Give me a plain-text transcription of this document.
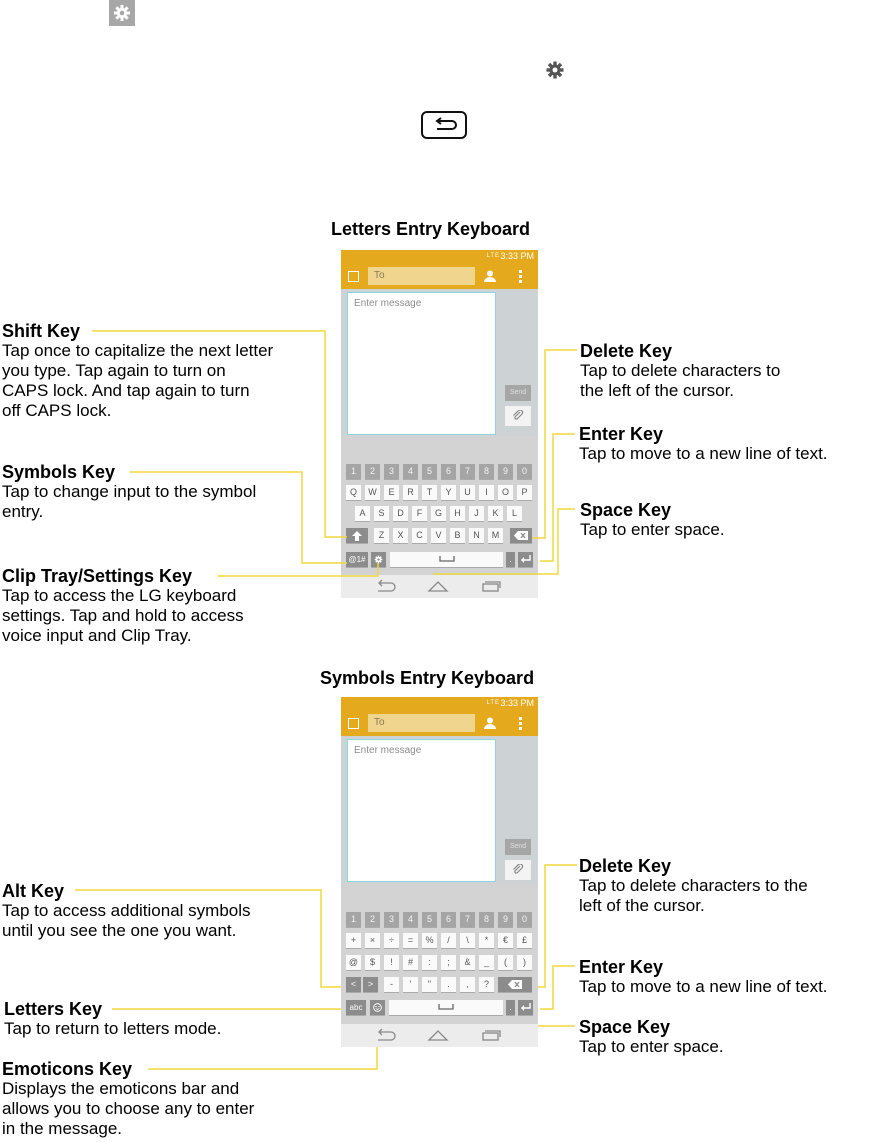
Letters Entry Keyboard
LTE 3:33 PM
To
Enter message
Send
1	2	3	4	5	6	7	8	9	0
Q	W	E	R	T	Y	U	I	O	P
A	S	D	F	G	H	J	K	L
Z	X	C	V	B	N	M
@1#	.
Shift Key
Tap once to capitalize the next letter
you type. Tap again to turn on
CAPS lock. And tap again to turn
off CAPS lock.
Symbols Key
Tap to change input to the symbol
entry.
Clip Tray/Settings Key
Tap to access the LG keyboard
settings. Tap and hold to access
voice input and Clip Tray.
Delete Key
Tap to delete characters to
the left of the cursor.
Enter Key
Tap to move to a new line of text.
Space Key
Tap to enter space.
Symbols Entry Keyboard
LTE 3:33 PM
To
Enter message
Send
1	2	3	4	5	6	7	8	9	0
+	×	÷	=	%	/	\	*	€	£
@	$	!	#	:	;	&	_	(	)
<	>	-	'	"	.	,	?
abc	.
Alt Key
Tap to access additional symbols
until you see the one you want.
Letters Key
Tap to return to letters mode.
Emoticons Key
Displays the emoticons bar and
allows you to choose any to enter
in the message.
Delete Key
Tap to delete characters to the
left of the cursor.
Enter Key
Tap to move to a new line of text.
Space Key
Tap to enter space.
